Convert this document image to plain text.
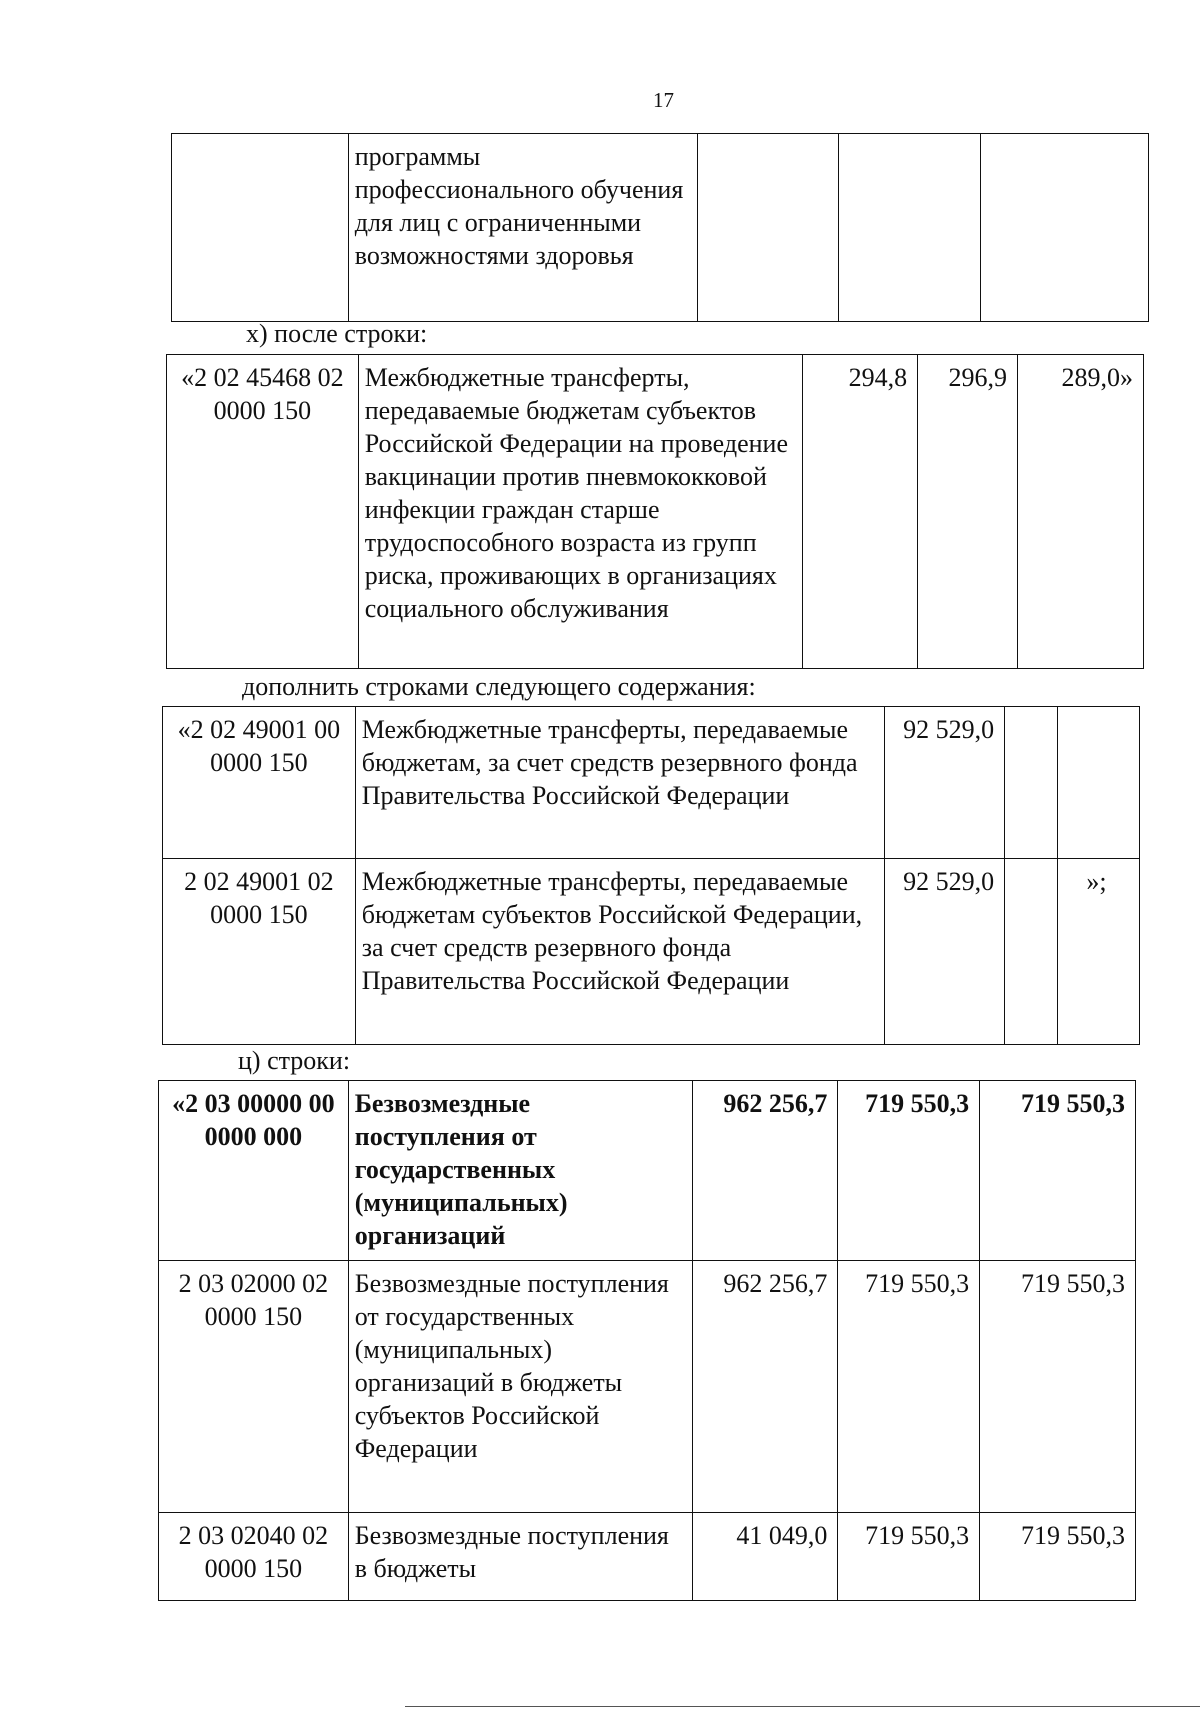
17
	программы профессионального обучения для лиц с ограниченными возможностями здоровья			
х) после строки:
«2 02 45468 02 0000 150	Межбюджетные трансферты, передаваемые бюджетам субъектов Российской Федерации на проведение вакцинации против пневмококковой инфекции граждан старше трудоспособного возраста из групп риска, проживающих в организациях социального обслуживания	294,8	296,9	289,0»
дополнить строками следующего содержания:
«2 02 49001 00 0000 150	Межбюджетные трансферты, передаваемые бюджетам, за счет средств резервного фонда Правительства Российской Федерации	92 529,0		
2 02 49001 02 0000 150	Межбюджетные трансферты, передаваемые бюджетам субъектов Российской Федерации, за счет средств резервного фонда Правительства Российской Федерации	92 529,0		»;
ц) строки:
«2 03 00000 00 0000 000	Безвозмездные поступления от государственных (муниципальных) организаций	962 256,7	719 550,3	719 550,3
2 03 02000 02 0000 150	Безвозмездные поступления от государственных (муниципальных) организаций в бюджеты субъектов Российской Федерации	962 256,7	719 550,3	719 550,3
2 03 02040 02 0000 150	Безвозмездные поступления в бюджеты	41 049,0	719 550,3	719 550,3
